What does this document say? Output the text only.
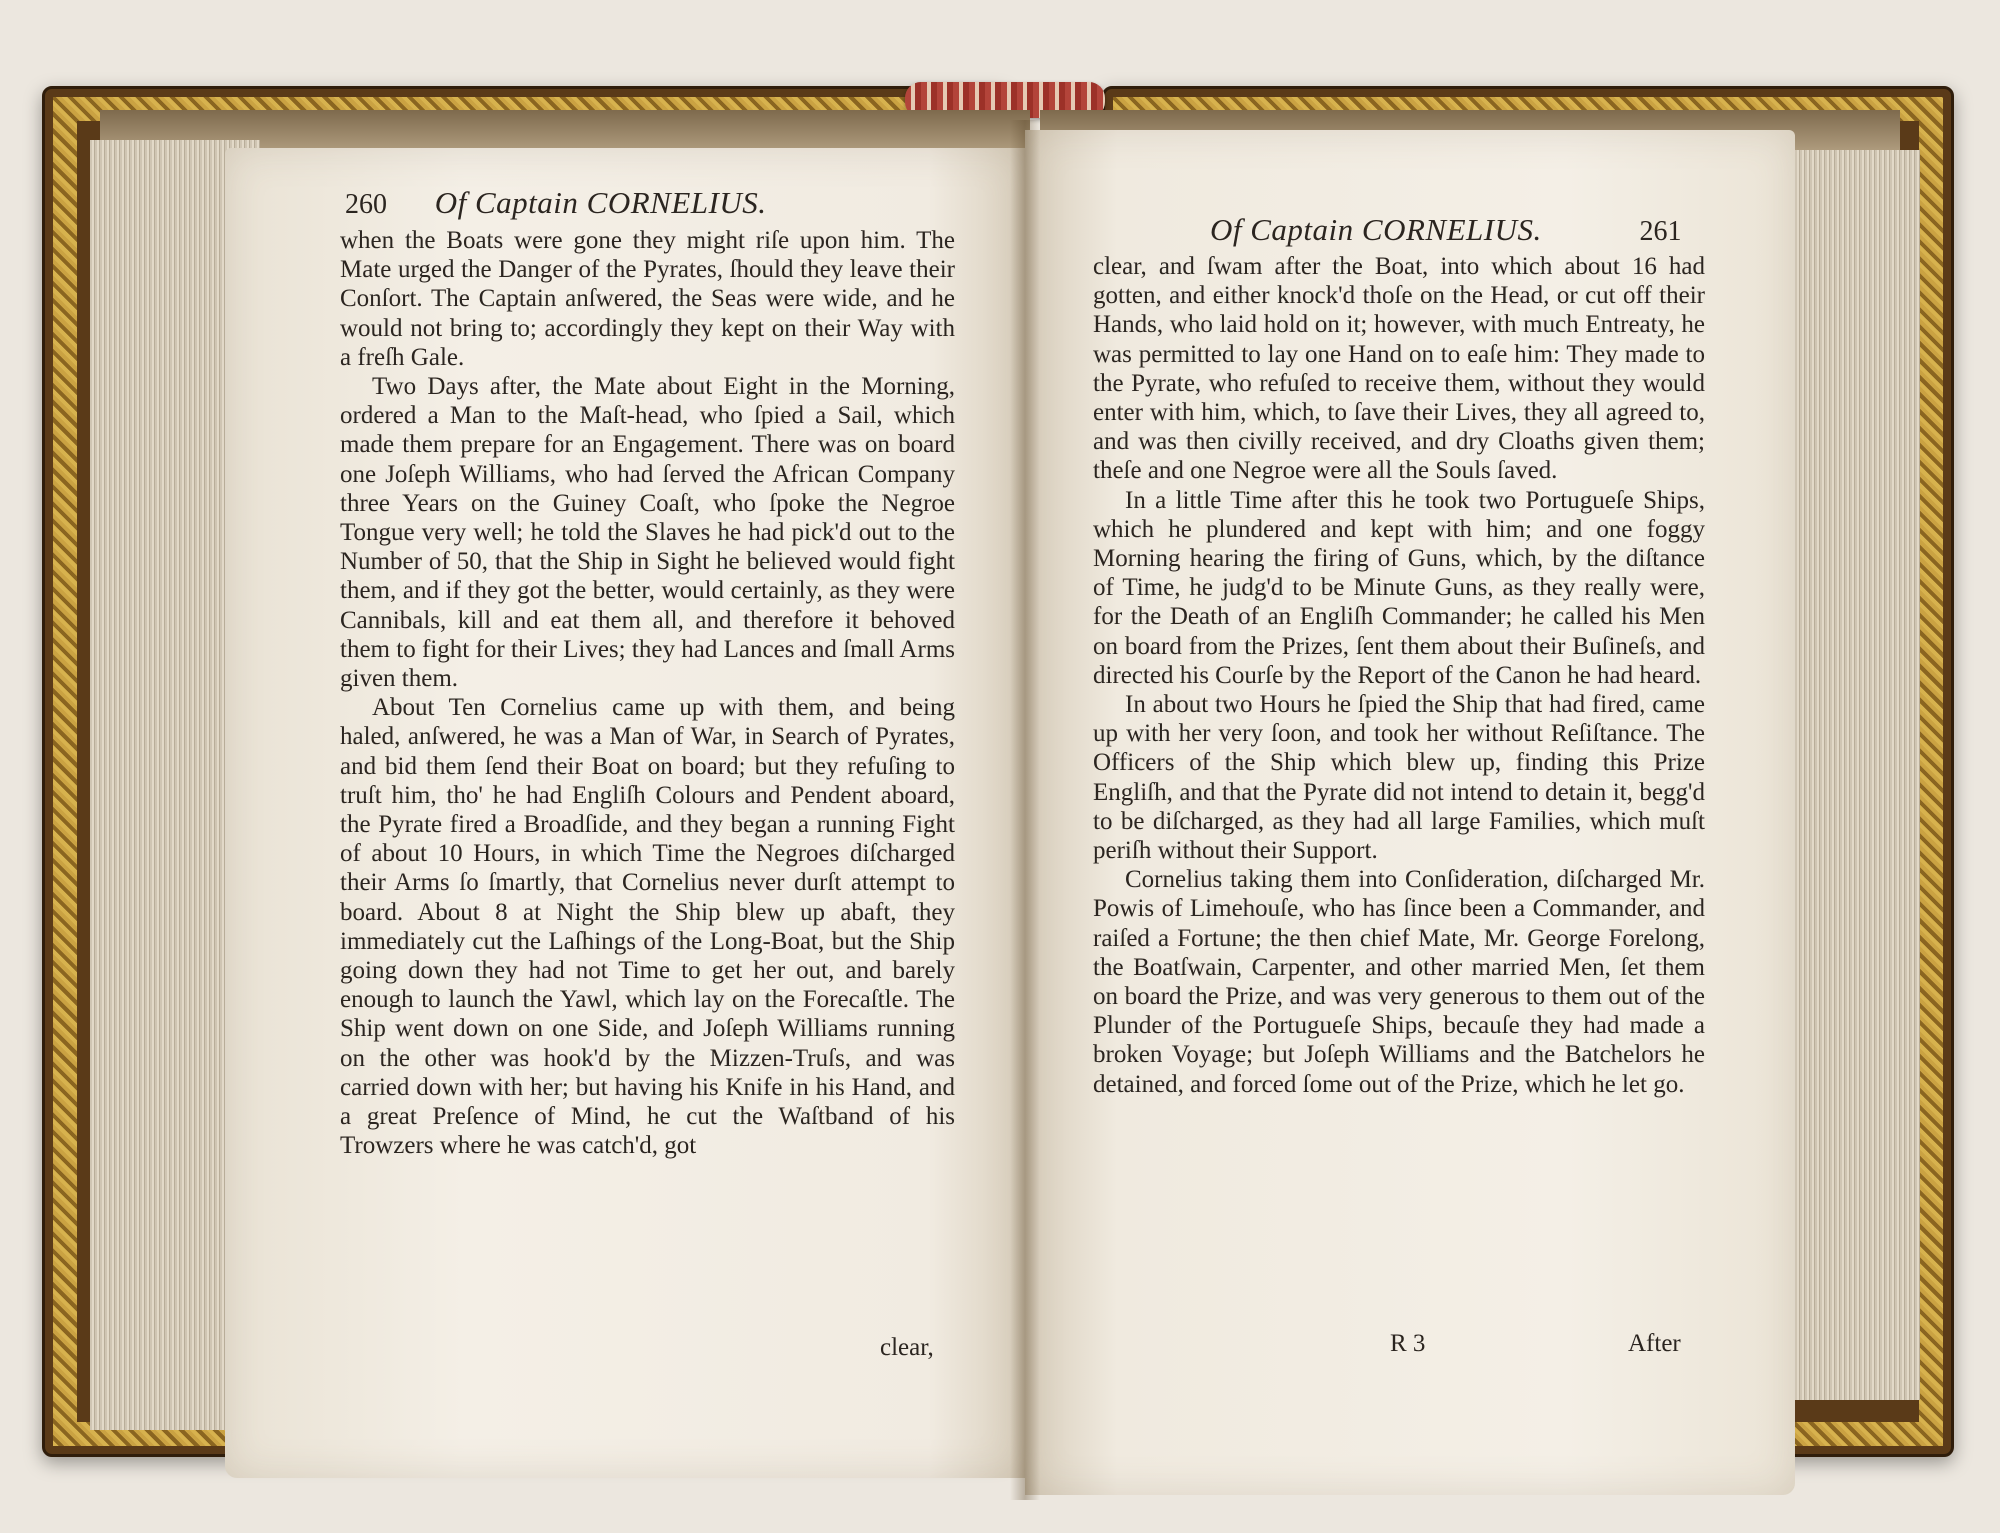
260 Of Captain CORNELIUS.

when the Boats were gone they might riſe upon him. The Mate urged the Danger of the Pyrates, ſhould they leave their Conſort. The Captain anſwered, the Seas were wide, and he would not bring to; accordingly they kept on their Way with a freſh Gale.

Two Days after, the Mate about Eight in the Morning, ordered a Man to the Maſt-head, who ſpied a Sail, which made them prepare for an Engagement. There was on board one Joſeph Williams, who had ſerved the African Company three Years on the Guiney Coaſt, who ſpoke the Negroe Tongue very well; he told the Slaves he had pick'd out to the Number of 50, that the Ship in Sight he believed would fight them, and if they got the better, would certainly, as they were Cannibals, kill and eat them all, and therefore it behoved them to fight for their Lives; they had Lances and ſmall Arms given them.

About Ten Cornelius came up with them, and being haled, anſwered, he was a Man of War, in Search of Pyrates, and bid them ſend their Boat on board; but they refuſing to truſt him, tho' he had Engliſh Colours and Pendent aboard, the Pyrate fired a Broadſide, and they began a running Fight of about 10 Hours, in which Time the Negroes diſcharged their Arms ſo ſmartly, that Cornelius never durſt attempt to board. About 8 at Night the Ship blew up abaft, they immediately cut the Laſhings of the Long-Boat, but the Ship going down they had not Time to get her out, and barely enough to launch the Yawl, which lay on the Forecaſtle. The Ship went down on one Side, and Joſeph Williams running on the other was hook'd by the Mizzen-Truſs, and was carried down with her; but having his Knife in his Hand, and a great Preſence of Mind, he cut the Waſtband of his Trowzers where he was catch'd, got

clear,
Of Captain CORNELIUS.	261

clear, and ſwam after the Boat, into which about 16 had gotten, and either knock'd thoſe on the Head, or cut off their Hands, who laid hold on it; however, with much Entreaty, he was permitted to lay one Hand on to eaſe him: They made to the Pyrate, who refuſed to receive them, without they would enter with him, which, to ſave their Lives, they all agreed to, and was then civilly received, and dry Cloaths given them; theſe and one Negroe were all the Souls ſaved.

In a little Time after this he took two Portugueſe Ships, which he plundered and kept with him; and one foggy Morning hearing the firing of Guns, which, by the diſtance of Time, he judg'd to be Minute Guns, as they really were, for the Death of an Engliſh Commander; he called his Men on board from the Prizes, ſent them about their Buſineſs, and directed his Courſe by the Report of the Canon he had heard.

In about two Hours he ſpied the Ship that had fired, came up with her very ſoon, and took her without Reſiſtance. The Officers of the Ship which blew up, finding this Prize Engliſh, and that the Pyrate did not intend to detain it, begg'd to be diſcharged, as they had all large Families, which muſt periſh without their Support.

Cornelius taking them into Conſideration, diſcharged Mr. Powis of Limehouſe, who has ſince been a Commander, and raiſed a Fortune; the then chief Mate, Mr. George Forelong, the Boatſwain, Carpenter, and other married Men, ſet them on board the Prize, and was very generous to them out of the Plunder of the Portugueſe Ships, becauſe they had made a broken Voyage; but Joſeph Williams and the Batchelors he detained, and forced ſome out of the Prize, which he let go.

R 3	After
